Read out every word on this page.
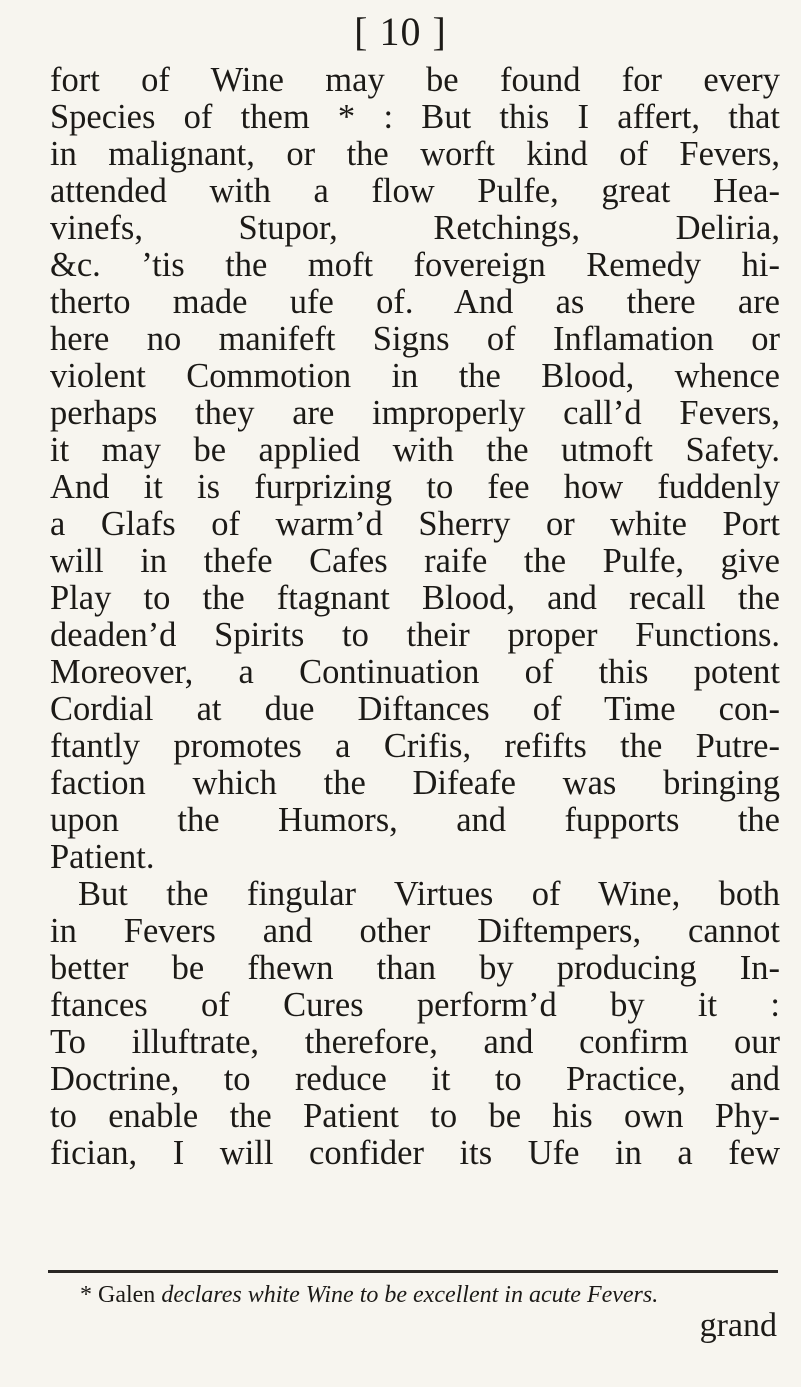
[ 10 ]
fort of Wine may be found for every
Species of them * : But this I affert, that
in malignant, or the worft kind of Fevers,
attended with a flow Pulfe, great Hea-
vinefs, Stupor, Retchings, Deliria,
&c. ’tis the moft fovereign Remedy hi-
therto made ufe of. And as there are
here no manifeft Signs of Inflamation or
violent Commotion in the Blood, whence
perhaps they are improperly call’d Fevers,
it may be applied with the utmoft Safety.
And it is furprizing to fee how fuddenly
a Glafs of warm’d Sherry or white Port
will in thefe Cafes raife the Pulfe, give
Play to the ftagnant Blood, and recall the
deaden’d Spirits to their proper Functions.
Moreover, a Continuation of this potent
Cordial at due Diftances of Time con-
ftantly promotes a Crifis, refifts the Putre-
faction which the Difeafe was bringing
upon the Humors, and fupports the
Patient.
But the fingular Virtues of Wine, both
in Fevers and other Diftempers, cannot
better be fhewn than by producing In-
ftances of Cures perform’d by it :
To illuftrate, therefore, and confirm our
Doctrine, to reduce it to Practice, and
to enable the Patient to be his own Phy-
fician, I will confider its Ufe in a few
* Galen declares white Wine to be excellent in acute Fevers.
grand
